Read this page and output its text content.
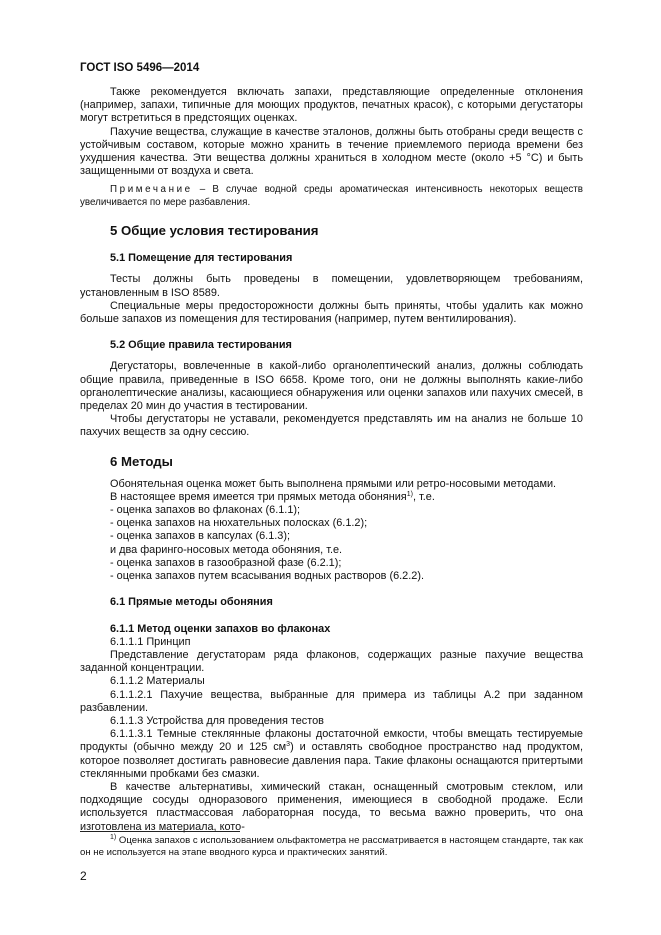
ГОСТ ISO 5496—2014

Также рекомендуется включать запахи, представляющие определенные отклонения (например, запахи, типичные для моющих продуктов, печатных красок), с которыми дегустаторы могут встретиться в предстоящих оценках.

Пахучие вещества, служащие в качестве эталонов, должны быть отобраны среди веществ с устойчивым составом, которые можно хранить в течение приемлемого периода времени без ухудшения качества. Эти вещества должны храниться в холодном месте (около +5 °С) и быть защищенными от воздуха и света.

Примечание – В случае водной среды ароматическая интенсивность некоторых веществ увеличивается по мере разбавления.

5 Общие условия тестирования
5.1 Помещение для тестирования

Тесты должны быть проведены в помещении, удовлетворяющем требованиям, установленным в ISO 8589.

Специальные меры предосторожности должны быть приняты, чтобы удалить как можно больше запахов из помещения для тестирования (например, путем вентилирования).

5.2 Общие правила тестирования

Дегустаторы, вовлеченные в какой-либо органолептический анализ, должны соблюдать общие правила, приведенные в ISO 6658. Кроме того, они не должны выполнять какие-либо органолептические анализы, касающиеся обнаружения или оценки запахов или пахучих смесей, в пределах 20 мин до участия в тестировании.

Чтобы дегустаторы не уставали, рекомендуется представлять им на анализ не больше 10 пахучих веществ за одну сессию.

6 Методы

Обонятельная оценка может быть выполнена прямыми или ретро-носовыми методами.

В настоящее время имеется три прямых метода обоняния$^{1)}$, т.е.

- оценка запахов во флаконах (6.1.1);

- оценка запахов на нюхательных полосках (6.1.2);

- оценка запахов в капсулах (6.1.3);

и два фаринго-носовых метода обоняния, т.е.

- оценка запахов в газообразной фазе (6.2.1);

- оценка запахов путем всасывания водных растворов (6.2.2).

6.1 Прямые методы обоняния
6.1.1 Метод оценки запахов во флаконах

6.1.1.1 Принцип

Представление дегустаторам ряда флаконов, содержащих разные пахучие вещества заданной концентрации.

6.1.1.2 Материалы

6.1.1.2.1 Пахучие вещества, выбранные для примера из таблицы А.2 при заданном разбавлении.

6.1.1.3 Устройства для проведения тестов

6.1.1.3.1 Темные стеклянные флаконы достаточной емкости, чтобы вмещать тестируемые продукты (обычно между 20 и 125 $см^3$) и оставлять свободное пространство над продуктом, которое позволяет достигать равновесие давления пара. Такие флаконы оснащаются притертыми стеклянными пробками без смазки.

В качестве альтернативы, химический стакан, оснащенный смотровым стеклом, или подходящие сосуды одноразового применения, имеющиеся в свободной продаже. Если используется пластмассовая лабораторная посуда, то весьма важно проверить, что она изготовлена из материала, кото-

$^{1)}$ Оценка запахов с использованием ольфактометра не рассматривается в настоящем стандарте, так как он не используется на этапе вводного курса и практических занятий.

2
